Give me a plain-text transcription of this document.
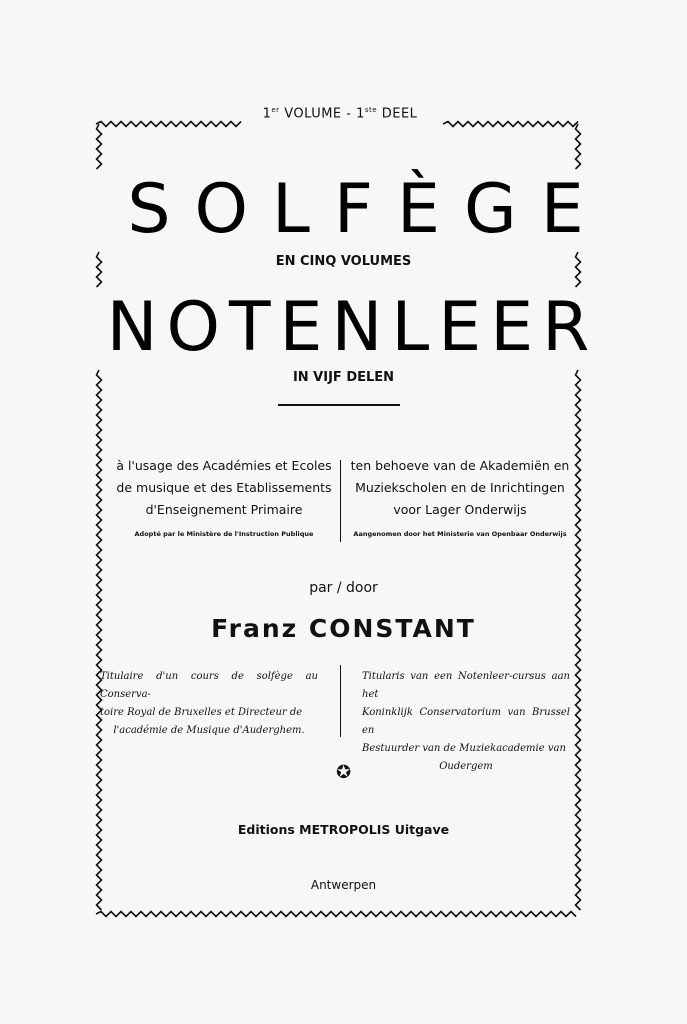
1er VOLUME - 1ste DEEL
SOLFÈGE
EN CINQ VOLUMES
NOTENLEER
IN VIJF DELEN
à l'usage des Académies et Ecoles
de musique et des Etablissements
d'Enseignement Primaire
Adopté par le Ministère de l'Instruction Publique
ten behoeve van de Akademiën en
Muziekscholen en de Inrichtingen
voor Lager Onderwijs
Aangenomen door het Ministerie van Openbaar Onderwijs
par / door
Franz CONSTANT
Titulaire d'un cours de solfège au Conserva-
toire Royal de Bruxelles et Directeur de
l'académie de Musique d'Auderghem.
Titularis van een Notenleer-cursus aan het
Koninklijk Conservatorium van Brussel en
Bestuurder van de Muziekacademie van
Oudergem
✪
Editions METROPOLIS Uitgave
Antwerpen
